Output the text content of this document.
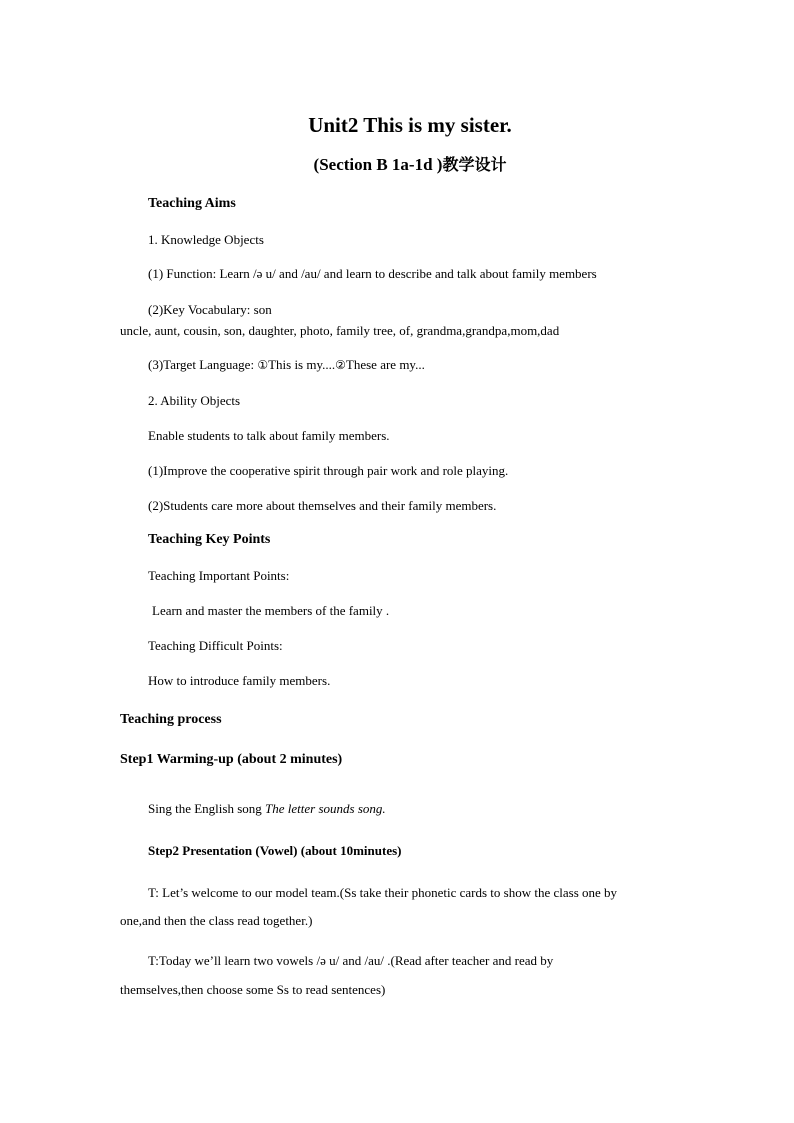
Unit2 This is my sister.
(Section B 1a-1d )教学设计
Teaching Aims
1. Knowledge Objects
(1) Function: Learn /ə u/ and /au/ and learn to describe and talk about family members
(2)Key Vocabulary: son
uncle, aunt, cousin, son, daughter, photo, family tree, of, grandma,grandpa,mom,dad
(3)Target Language: ①This is my....②These are my...
2. Ability Objects
Enable students to talk about family members.
(1)Improve the cooperative spirit through pair work and role playing.
(2)Students care more about themselves and their family members.
Teaching Key Points
Teaching Important Points:
Learn and master the members of the family .
Teaching Difficult Points:
How to introduce family members.
Teaching process
Step1 Warming-up (about 2 minutes)
Sing the English song The letter sounds song.
Step2 Presentation (Vowel) (about 10minutes)
T: Let’s welcome to our model team.(Ss take their phonetic cards to show the class one by
one,and then the class read together.)
T:Today we’ll learn two vowels /ə u/ and /au/ .(Read after teacher and read by
themselves,then choose some Ss to read sentences)
